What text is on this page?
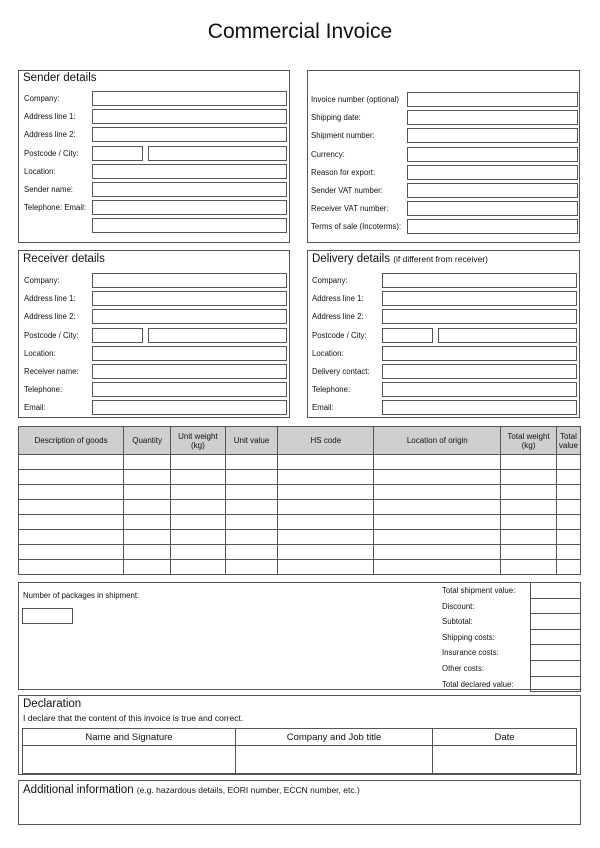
Commercial Invoice
Sender details
Company:
Address line 1:
Address line 2:
Postcode / City:
Location:
Sender name:
Telephone: Email:
Invoice number (optional)
Shipping date:
Shipment number:
Currency:
Reason for export:
Sender VAT number:
Receiver VAT number:
Terms of sale (Incoterms):
Receiver details
Company:
Address line 1:
Address line 2:
Postcode / City:
Location:
Receiver name:
Telephone:
Email:
Delivery details (if different from receiver)
Company:
Address line 1:
Address line 2:
Postcode / City:
Location:
Delivery contact:
Telephone:
Email:
Description of goods	Quantity	Unit weight (kg)	Unit value	HS code	Location of origin	Total weight (kg)	Total value

Number of packages in shipment:
Total shipment value:
Discount:
Subtotal:
Shipping costs:
Insurance costs:
Other costs:
Total declared value:
Declaration
I declare that the content of this invoice is true and correct.
Name and Signature	Company and Job title	Date

Additional information (e.g. hazardous details, EORI number, ECCN number, etc.)
